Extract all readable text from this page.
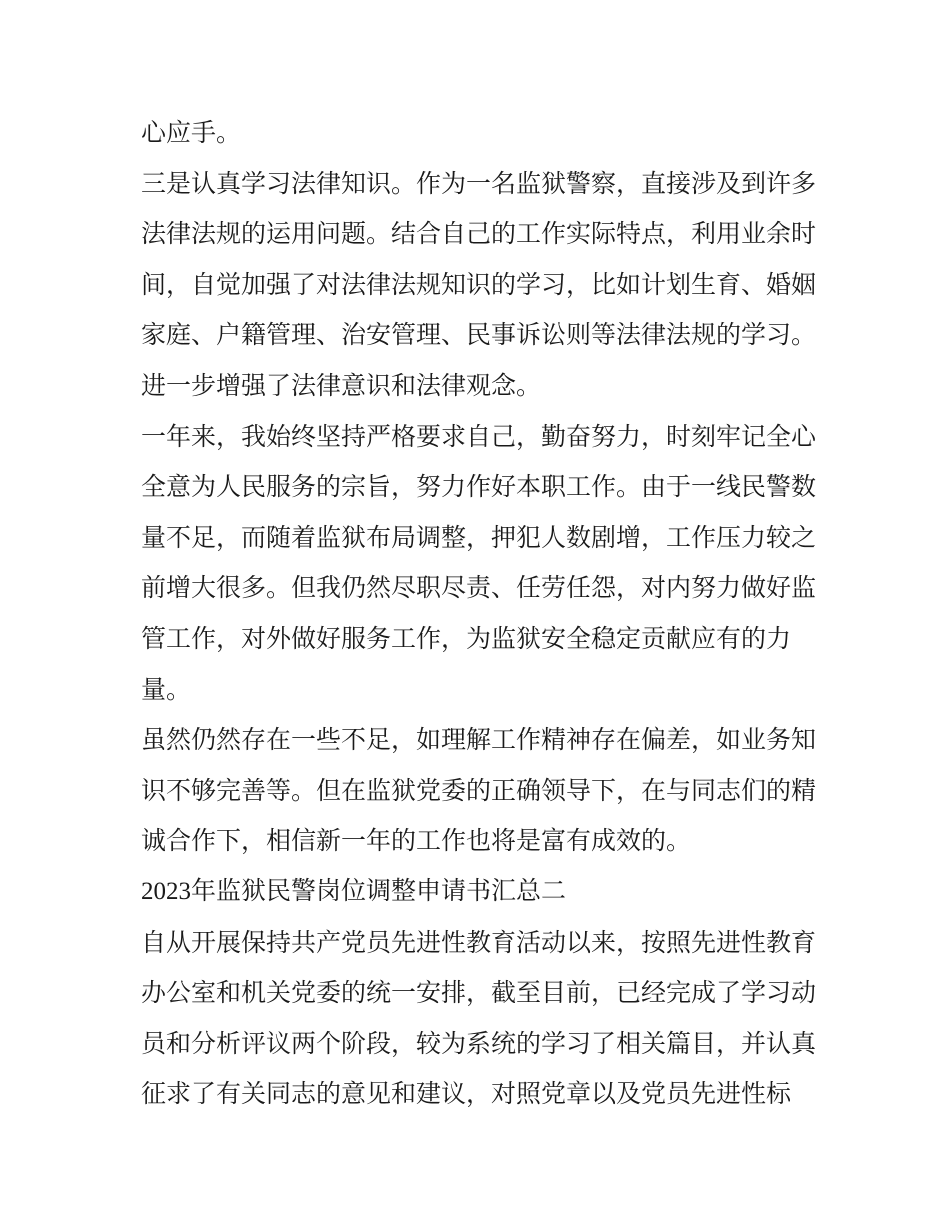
心应手。
三是认真学习法律知识。作为一名监狱警察，直接涉及到许多
法律法规的运用问题。结合自己的工作实际特点，利用业余时
间，自觉加强了对法律法规知识的学习，比如计划生育、婚姻
家庭、户籍管理、治安管理、民事诉讼则等法律法规的学习。
进一步增强了法律意识和法律观念。
一年来，我始终坚持严格要求自己，勤奋努力，时刻牢记全心
全意为人民服务的宗旨，努力作好本职工作。由于一线民警数
量不足，而随着监狱布局调整，押犯人数剧增，工作压力较之
前增大很多。但我仍然尽职尽责、任劳任怨，对内努力做好监
管工作，对外做好服务工作，为监狱安全稳定贡献应有的力
量。
虽然仍然存在一些不足，如理解工作精神存在偏差，如业务知
识不够完善等。但在监狱党委的正确领导下，在与同志们的精
诚合作下，相信新一年的工作也将是富有成效的。
2023年监狱民警岗位调整申请书汇总二
自从开展保持共产党员先进性教育活动以来，按照先进性教育
办公室和机关党委的统一安排，截至目前，已经完成了学习动
员和分析评议两个阶段，较为系统的学习了相关篇目，并认真
征求了有关同志的意见和建议，对照党章以及党员先进性标
